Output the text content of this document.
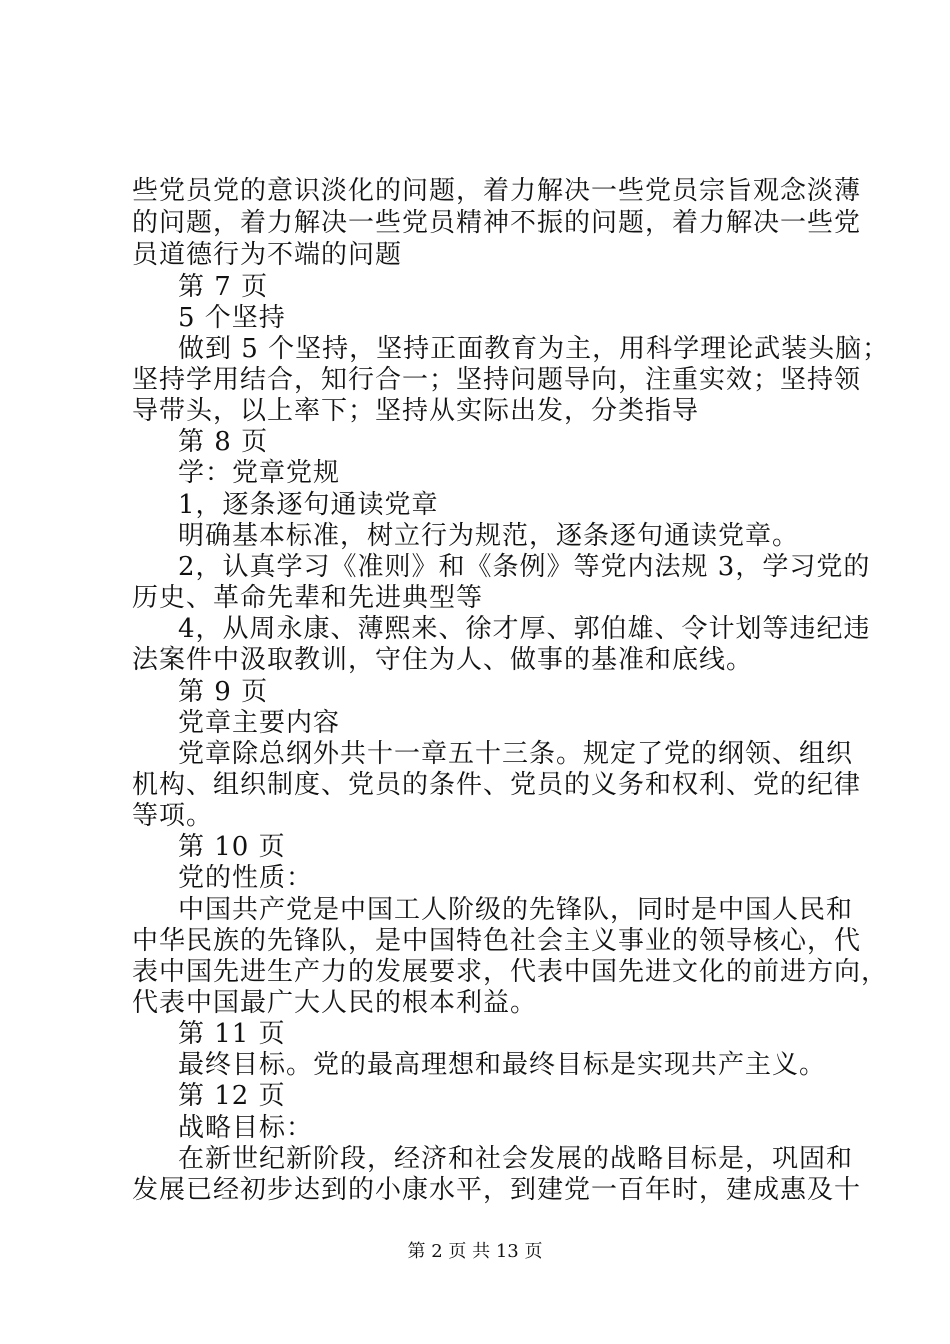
些党员党的意识淡化的问题，着力解决一些党员宗旨观念淡薄
的问题，着力解决一些党员精神不振的问题，着力解决一些党
员道德行为不端的问题
第 7 页
5 个坚持
做到 5 个坚持，坚持正面教育为主，用科学理论武装头脑；
坚持学用结合，知行合一；坚持问题导向，注重实效；坚持领
导带头，以上率下；坚持从实际出发，分类指导
第 8 页
学：党章党规
1，逐条逐句通读党章
明确基本标准，树立行为规范，逐条逐句通读党章。
2，认真学习《准则》和《条例》等党内法规 3，学习党的
历史、革命先辈和先进典型等
4，从周永康、薄熙来、徐才厚、郭伯雄、令计划等违纪违
法案件中汲取教训，守住为人、做事的基准和底线。
第 9 页
党章主要内容
党章除总纲外共十一章五十三条。规定了党的纲领、组织
机构、组织制度、党员的条件、党员的义务和权利、党的纪律
等项。
第 10 页
党的性质：
中国共产党是中国工人阶级的先锋队，同时是中国人民和
中华民族的先锋队，是中国特色社会主义事业的领导核心，代
表中国先进生产力的发展要求，代表中国先进文化的前进方向，
代表中国最广大人民的根本利益。
第 11 页
最终目标。党的最高理想和最终目标是实现共产主义。
第 12 页
战略目标：
在新世纪新阶段，经济和社会发展的战略目标是，巩固和
发展已经初步达到的小康水平，到建党一百年时，建成惠及十
第 2 页 共 13 页
